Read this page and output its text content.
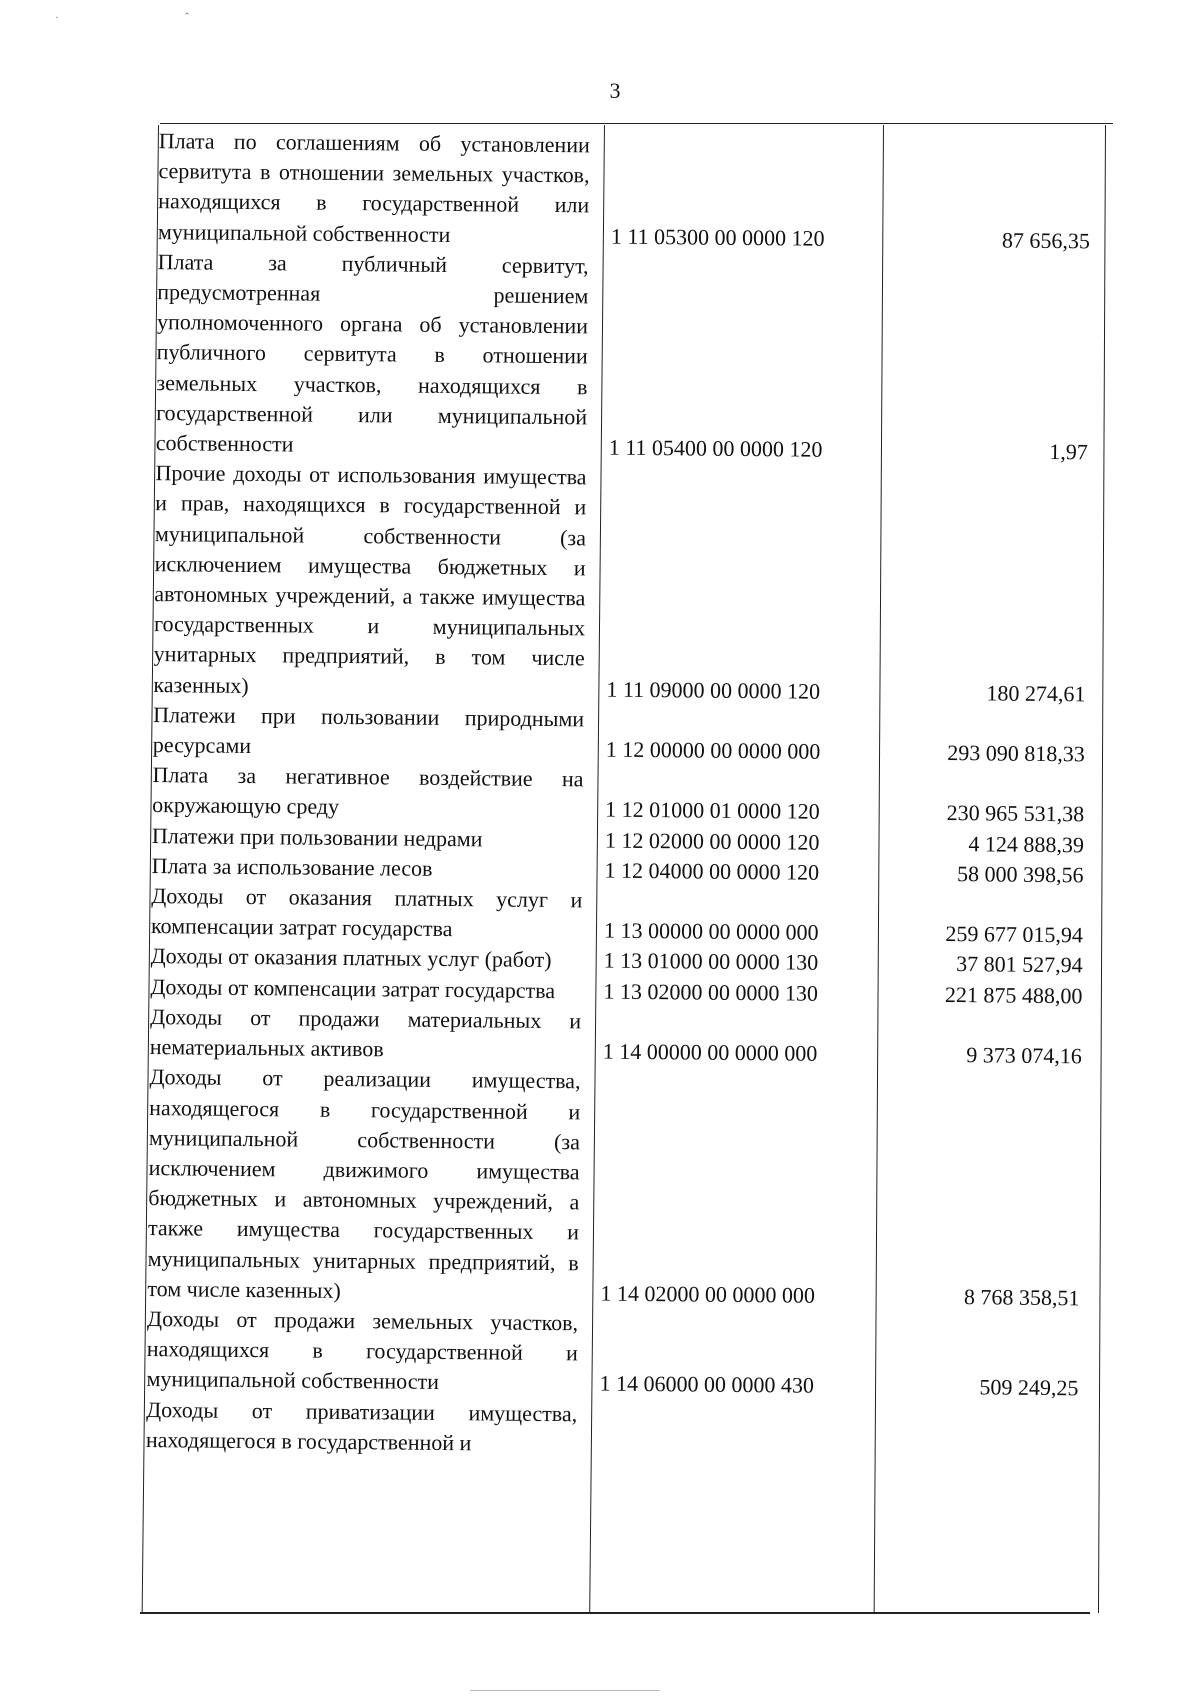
·  ˆ
3
Плата по соглашениям об установлении сервитута в отношении земельных участков, находящихся в государственной или муниципальной собственности	1 11 05300 00 0000 120	87 656,35
Плата за публичный сервитут, предусмотренная решением уполномоченного органа об установлении публичного сервитута в отношении земельных участков, находящихся в государственной или муниципальной собственности	1 11 05400 00 0000 120	1,97
Прочие доходы от использования имущества и прав, находящихся в государственной и муниципальной собственности (за исключением имущества бюджетных и автономных учреждений, а также имущества государственных и муниципальных унитарных предприятий, в том числе казенных)	1 11 09000 00 0000 120	180 274,61
Платежи при пользовании природными ресурсами	1 12 00000 00 0000 000	293 090 818,33
Плата за негативное воздействие на окружающую среду	1 12 01000 01 0000 120	230 965 531,38
Платежи при пользовании недрами	1 12 02000 00 0000 120	4 124 888,39
Плата за использование лесов	1 12 04000 00 0000 120	58 000 398,56
Доходы от оказания платных услуг и компенсации затрат государства	1 13 00000 00 0000 000	259 677 015,94
Доходы от оказания платных услуг (работ)	1 13 01000 00 0000 130	37 801 527,94
Доходы от компенсации затрат государства	1 13 02000 00 0000 130	221 875 488,00
Доходы от продажи материальных и нематериальных активов	1 14 00000 00 0000 000	9 373 074,16
Доходы от реализации имущества, находящегося в государственной и муниципальной собственности (за исключением движимого имущества бюджетных и автономных учреждений, а также имущества государственных и муниципальных унитарных предприятий, в том числе казенных)	1 14 02000 00 0000 000	8 768 358,51
Доходы от продажи земельных участков, находящихся в государственной и муниципальной собственности	1 14 06000 00 0000 430	509 249,25
Доходы от приватизации имущества, находящегося в государственной и
